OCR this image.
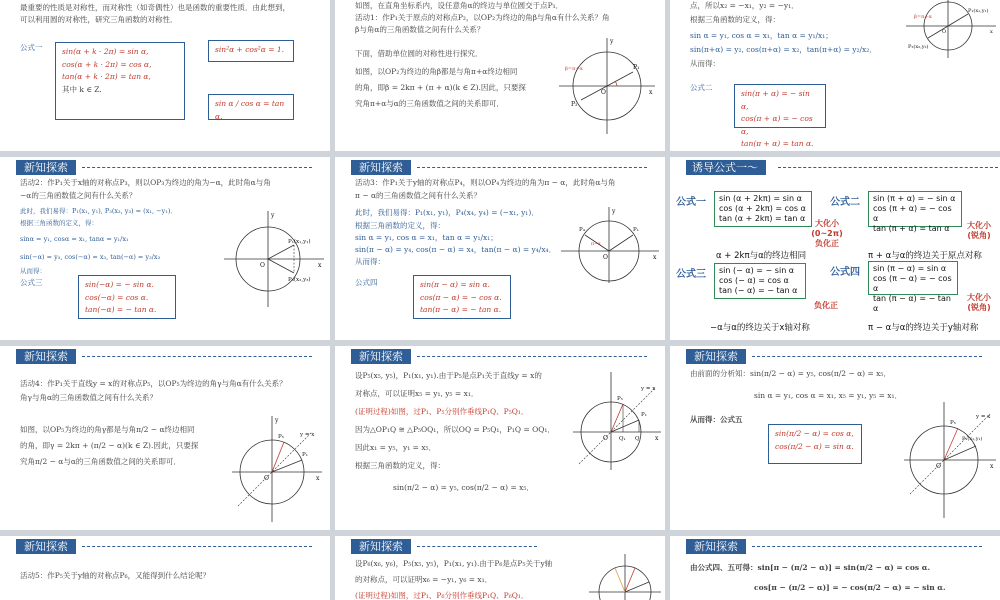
最重要的性质是对称性，而对称性（如奇偶性）也是函数的重要性质．由此想到，
可以利用圆的对称性，研究三角函数的对称性．
公式一	sin(α + k · 2π) = sin α,
cos(α + k · 2π) = cos α,
tan(α + k · 2π) = tan α,
其中 k ∈ Z.
sin²α + cos²α = 1.
sin α / cos α = tan α.
如图，在直角坐标系内，设任意角α的终边与单位圆交于点P₁．
活动1：作P₁关于原点的对称点P₂，以OP₂为终边的角β与角α有什么关系？角
β与角α的三角函数值之间有什么关系？
下面，借助单位圆的对称性进行探究．
如图，以OP₂为终边的角β都是与角π+α终边相同
的角，即β = 2kπ + (π + α)(k ∈ Z).因此，只要探
究角π+α与α的三角函数值之间的关系即可．
β=π+α	P₁
P₂
O	x
y
点，所以x₂ = −x₁，y₂ = −y₁．
根据三角函数的定义，得：
sin α = y₁, cos α = x₁，tan α = y₁/x₁；
sin(π+α) = y₂, cos(π+α) = x₂，tan(π+α) = y₂/x₂．
从而得：
公式二
sin(π + α) = − sin α,
cos(π + α) = − cos α,
tan(π + α) = tan α.
β=π+α
P₁(x₁,y₁)
P₂(x₂,y₂)
O	x
新知探索
活动2：作P₁关于x轴的对称点P₃，则以OP₃为终边的角为−α，此时角α与角
−α的三角函数值之间有什么关系？
此时，我们易得：P₁(x₁, y₁), P₃(x₃, y₃) = (x₁, −y₁)．
根据三角函数的定义，得：
sinα = y₁, cosα = x₁, tanα = y₁/x₁
sin(−α) = y₃, cos(−α) = x₃, tan(−α) = y₃/x₃
从而得：
公式三	sin(−α) = − sin α.
cos(−α) = cos α.
tan(−α) = − tan α.
P₁(x₁,y₁)
P₃(x₃,y₃)
O	x
y
新知探索
活动3：作P₁关于y轴的对称点P₄，则以OP₄为终边的角为π − α，此时角α与角
π − α的三角函数值之间有什么关系？
此时，我们易得：P₁(x₁, y₁)，P₄(x₄, y₄) = (−x₁, y₁)．
根据三角函数的定义，得：
sin α = y₁, cos α = x₁，tan α = y₁/x₁；
sin(π − α) = y₄, cos(π − α) = x₄，tan(π − α) = y₄/x₄．
从而得：
公式四	sin(π − α) = sin α.
cos(π − α) = − cos α.
tan(π − α) = − tan α.
P₄	P₁
π−α
O	x
y
诱导公式一～四
公式一 sin (α + 2kπ) = sin α
cos (α + 2kπ) = cos α
tan (α + 2kπ) = tan α
大化小
(0~2π)
负化正
α + 2kπ与α的终边相同
公式二 sin (π + α) = − sin α
cos (π + α) = − cos α
tan (π + α) = tan α	大化小
(锐角)
π + α与α的终边关于原点对称
公式三 sin (− α) = − sin α
cos (− α) = cos α
tan (− α) = − tan α
负化正
−α与α的终边关于x轴对称
公式四 sin (π − α) = sin α
cos (π − α) = − cos α
tan (π − α) = − tan α
大化小
(锐角)
π − α与α的终边关于y轴对称
新知探索
活动4：作P₁关于直线y = x的对称点P₅，以OP₅为终边的角γ与角α有什么关系？
角γ与角α的三角函数值之间有什么关系？
如图，以OP₅为终边的角γ都是与角π/2 − α终边相同
的角，即γ = 2kπ + (π/2 − α)(k ∈ Z).因此，只要探
究角π/2 − α与α的三角函数值之间的关系即可．
P₅
P₁
y = x
O	x
y
新知探索
设P₅(x₅, y₅)，P₁(x₁, y₁).由于P₅是点P₁关于直线y = x的
对称点，可以证明x₅ = y₁, y₅ = x₁．
(证明过程)如图，过P₁、P₅分别作垂线P₁Q、P₅Q₁．
因为△OP₁Q ≅ △P₅OQ₁，所以OQ = P₅Q₁，P₁Q = OQ₁．
因此x₁ = y₅，y₁ = x₅．
根据三角函数的定义，得：
sin(π/2 − α) = y₅, cos(π/2 − α) = x₅．
P₅
P₁
y = x
O Q₁ Q	x
新知探索
由前面的分析知：sin(π/2 − α) = y₅, cos(π/2 − α) = x₅．
sin α = y₁, cos α = x₁, x₅ = y₁, y₅ = x₁．
从而得：公式五
sin(π/2 − α) = cos α,
cos(π/2 − α) = sin α.
P₅
P₁(x₁,y₁)
y = x
O	x
新知探索
活动5：作P₅关于y轴的对称点P₆，又能得到什么结论呢？
新知探索
设P₆(x₆, y₆)，P₅(x₅, y₅)，P₁(x₁, y₁).由于P₆是点P₅关于y轴
的对称点，可以证明x₆ = −y₁, y₆ = x₁．
(证明过程)如图，过P₁、P₆分别作垂线P₁Q、P₆Q₁．
新知探索
由公式四、五可得：sin[π − (π/2 − α)] = sin(π/2 − α) = cos α.
cos[π − (π/2 − α)] = − cos(π/2 − α) = − sin α.
